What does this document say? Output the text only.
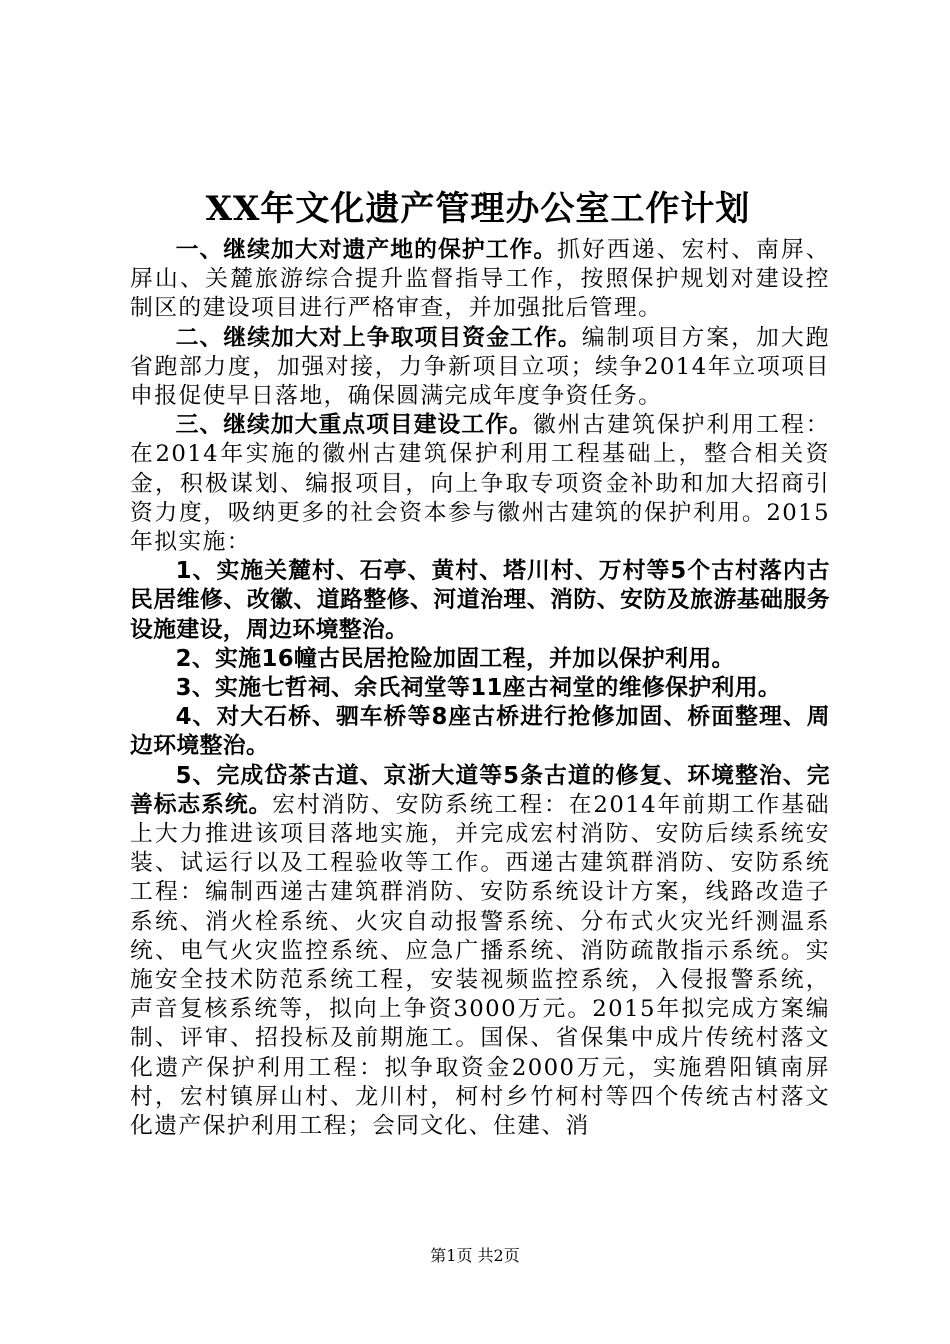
XX年文化遗产管理办公室工作计划

一、继续加大对遗产地的保护工作。抓好西递、宏村、南屏、屏山、关麓旅游综合提升监督指导工作，按照保护规划对建设控制区的建设项目进行严格审查，并加强批后管理。

二、继续加大对上争取项目资金工作。编制项目方案，加大跑省跑部力度，加强对接，力争新项目立项；续争2014年立项项目申报促使早日落地，确保圆满完成年度争资任务。

三、继续加大重点项目建设工作。徽州古建筑保护利用工程：在2014年实施的徽州古建筑保护利用工程基础上，整合相关资金，积极谋划、编报项目，向上争取专项资金补助和加大招商引资力度，吸纳更多的社会资本参与徽州古建筑的保护利用。2015年拟实施：

1、实施关麓村、石亭、黄村、塔川村、万村等5个古村落内古民居维修、改徽、道路整修、河道治理、消防、安防及旅游基础服务设施建设，周边环境整治。

2、实施16幢古民居抢险加固工程，并加以保护利用。

3、实施七哲祠、余氏祠堂等11座古祠堂的维修保护利用。

4、对大石桥、驷车桥等8座古桥进行抢修加固、桥面整理、周边环境整治。

5、完成岱茶古道、京浙大道等5条古道的修复、环境整治、完善标志系统。宏村消防、安防系统工程：在2014年前期工作基础上大力推进该项目落地实施，并完成宏村消防、安防后续系统安装、试运行以及工程验收等工作。西递古建筑群消防、安防系统工程：编制西递古建筑群消防、安防系统设计方案，线路改造子系统、消火栓系统、火灾自动报警系统、分布式火灾光纤测温系统、电气火灾监控系统、应急广播系统、消防疏散指示系统。实施安全技术防范系统工程，安装视频监控系统，入侵报警系统，声音复核系统等，拟向上争资3000万元。2015年拟完成方案编制、评审、招投标及前期施工。国保、省保集中成片传统村落文化遗产保护利用工程：拟争取资金2000万元，实施碧阳镇南屏村，宏村镇屏山村、龙川村，柯村乡竹柯村等四个传统古村落文化遗产保护利用工程；会同文化、住建、消

第1页 共2页
